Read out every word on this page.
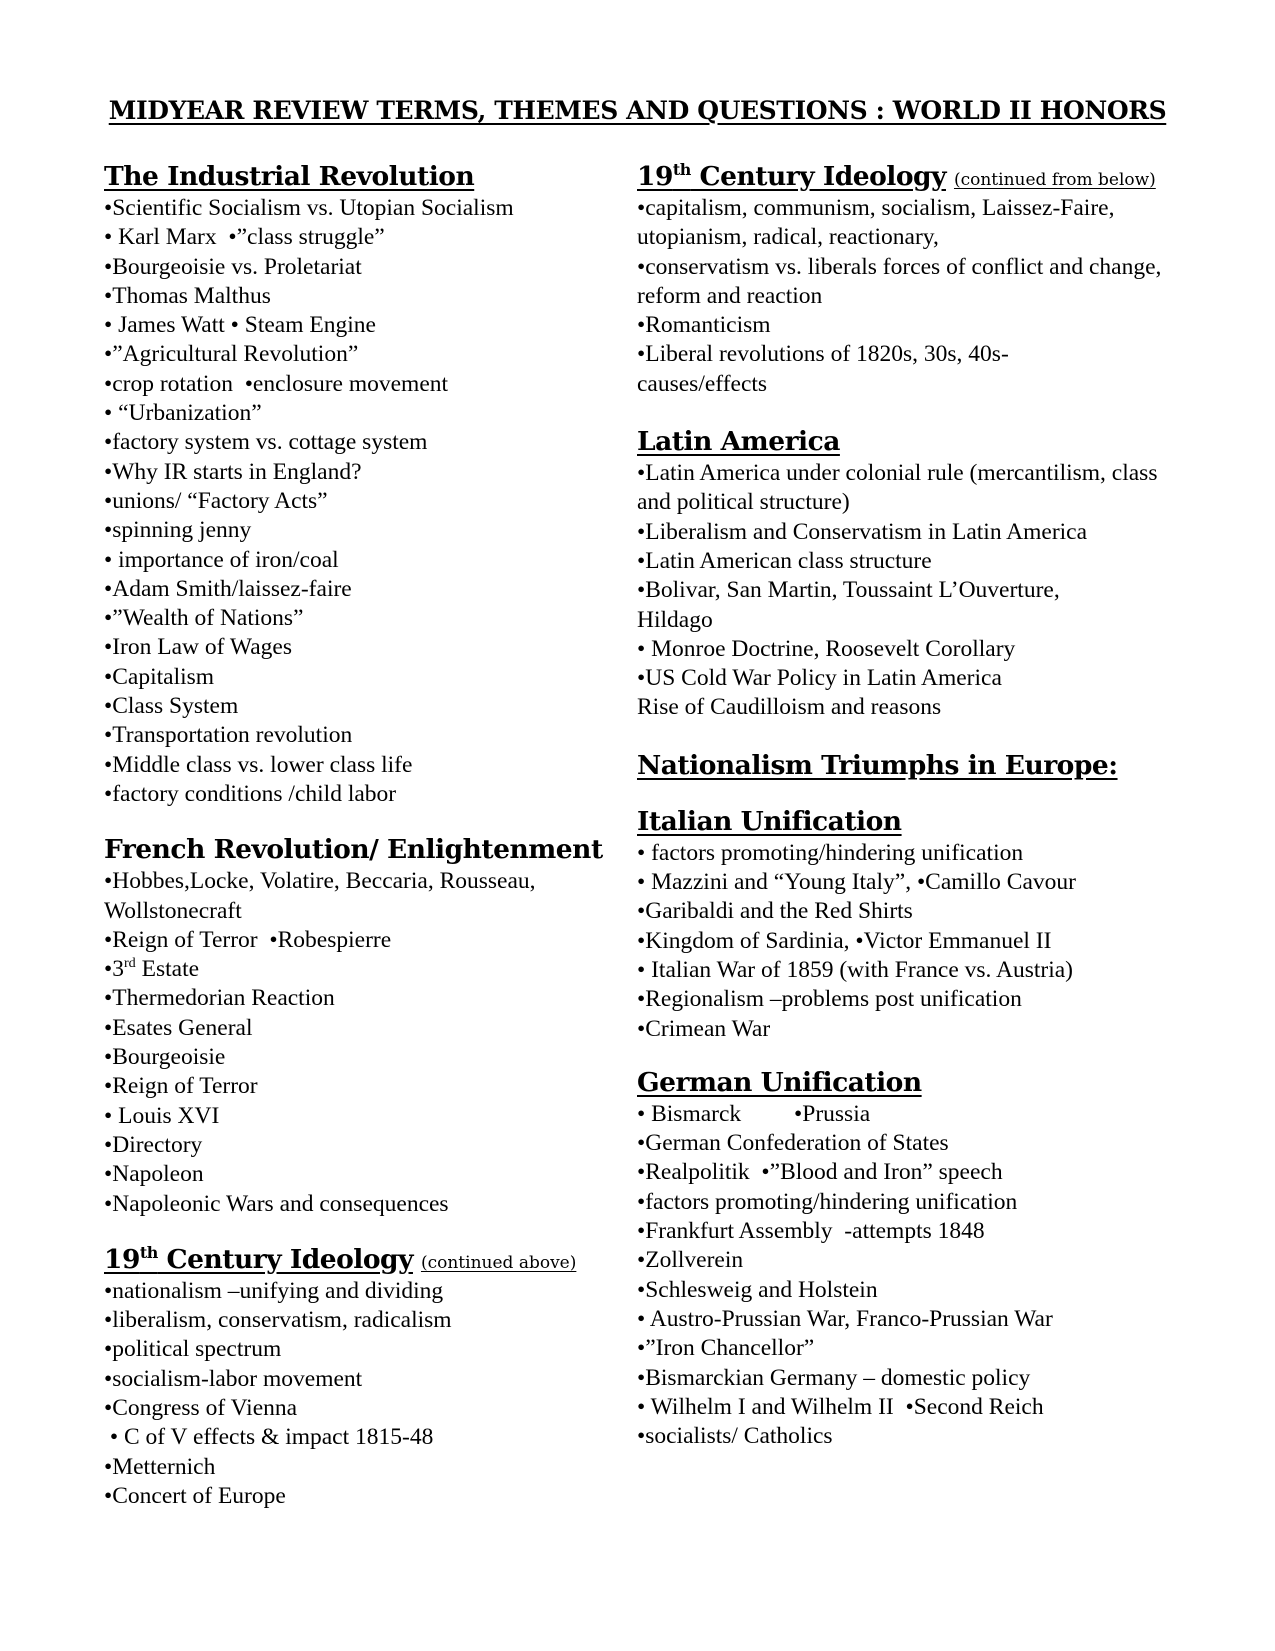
MIDYEAR REVIEW TERMS, THEMES AND QUESTIONS : WORLD II HONORS
The Industrial Revolution
•Scientific Socialism vs. Utopian Socialism
• Karl Marx  •”class struggle”
•Bourgeoisie vs. Proletariat
•Thomas Malthus
• James Watt • Steam Engine
•”Agricultural Revolution”
•crop rotation  •enclosure movement
• “Urbanization”
•factory system vs. cottage system
•Why IR starts in England?
•unions/ “Factory Acts”
•spinning jenny
• importance of iron/coal
•Adam Smith/laissez-faire
•”Wealth of Nations”
•Iron Law of Wages
•Capitalism
•Class System
•Transportation revolution
•Middle class vs. lower class life
•factory conditions /child labor
French Revolution/ Enlightenment
•Hobbes,Locke, Volatire, Beccaria, Rousseau, Wollstonecraft
•Reign of Terror  •Robespierre
•3rd Estate
•Thermedorian Reaction
•Esates General
•Bourgeoisie
•Reign of Terror
• Louis XVI
•Directory
•Napoleon
•Napoleonic Wars and consequences
19th Century Ideology (continued above)
•nationalism –unifying and dividing
•liberalism, conservatism, radicalism
•political spectrum
•socialism-labor movement
•Congress of Vienna
• C of V effects & impact 1815-48
•Metternich
•Concert of Europe
19th Century Ideology (continued from below)
•capitalism, communism, socialism, Laissez-Faire, utopianism, radical, reactionary,
•conservatism vs. liberals forces of conflict and change, reform and reaction
•Romanticism
•Liberal revolutions of 1820s, 30s, 40s-causes/effects
Latin America
•Latin America under colonial rule (mercantilism, class and political structure)
•Liberalism and Conservatism in Latin America
•Latin American class structure
•Bolivar, San Martin, Toussaint L’Ouverture, Hildago
• Monroe Doctrine, Roosevelt Corollary
•US Cold War Policy in Latin America
Rise of Caudilloism and reasons
Nationalism Triumphs in Europe:
Italian Unification
• factors promoting/hindering unification
• Mazzini and “Young Italy”, •Camillo Cavour
•Garibaldi and the Red Shirts
•Kingdom of Sardinia, •Victor Emmanuel II
• Italian War of 1859 (with France vs. Austria)
•Regionalism –problems post unification
•Crimean War
German Unification
• Bismarck         •Prussia
•German Confederation of States
•Realpolitik  •”Blood and Iron” speech
•factors promoting/hindering unification
•Frankfurt Assembly  -attempts 1848
•Zollverein
•Schlesweig and Holstein
• Austro-Prussian War, Franco-Prussian War
•”Iron Chancellor”
•Bismarckian Germany – domestic policy
• Wilhelm I and Wilhelm II  •Second Reich
•socialists/ Catholics
